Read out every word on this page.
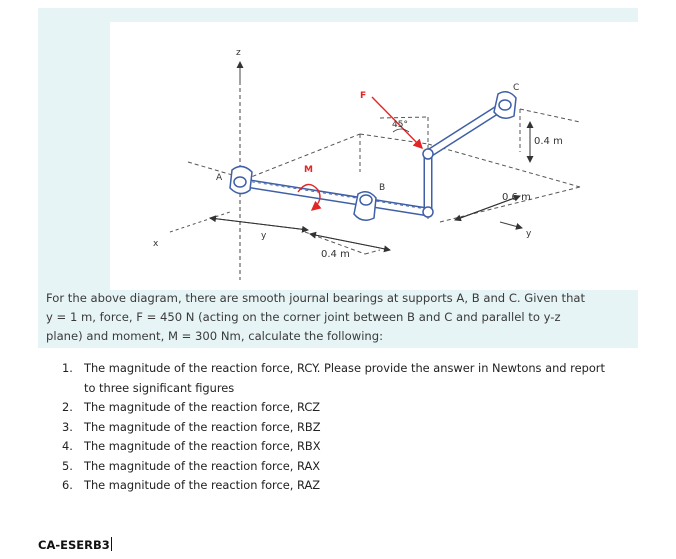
z
x
F
45°
M
A
B
C
y	y
0.4 m
0.6 m
0.4 m

For the above diagram, there are smooth journal bearings at supports A, B and C. Given that

y = 1 m, force, F = 450 N (acting on the corner joint between B and C and parallel to y-z

plane) and moment, M = 300 Nm, calculate the following:

1. The magnitude of the reaction force, RCY. Please provide the answer in Newtons and report
to three significant figures
2. The magnitude of the reaction force, RCZ
3. The magnitude of the reaction force, RBZ
4. The magnitude of the reaction force, RBX
5. The magnitude of the reaction force, RAX
6. The magnitude of the reaction force, RAZ
CA-ESERB3
